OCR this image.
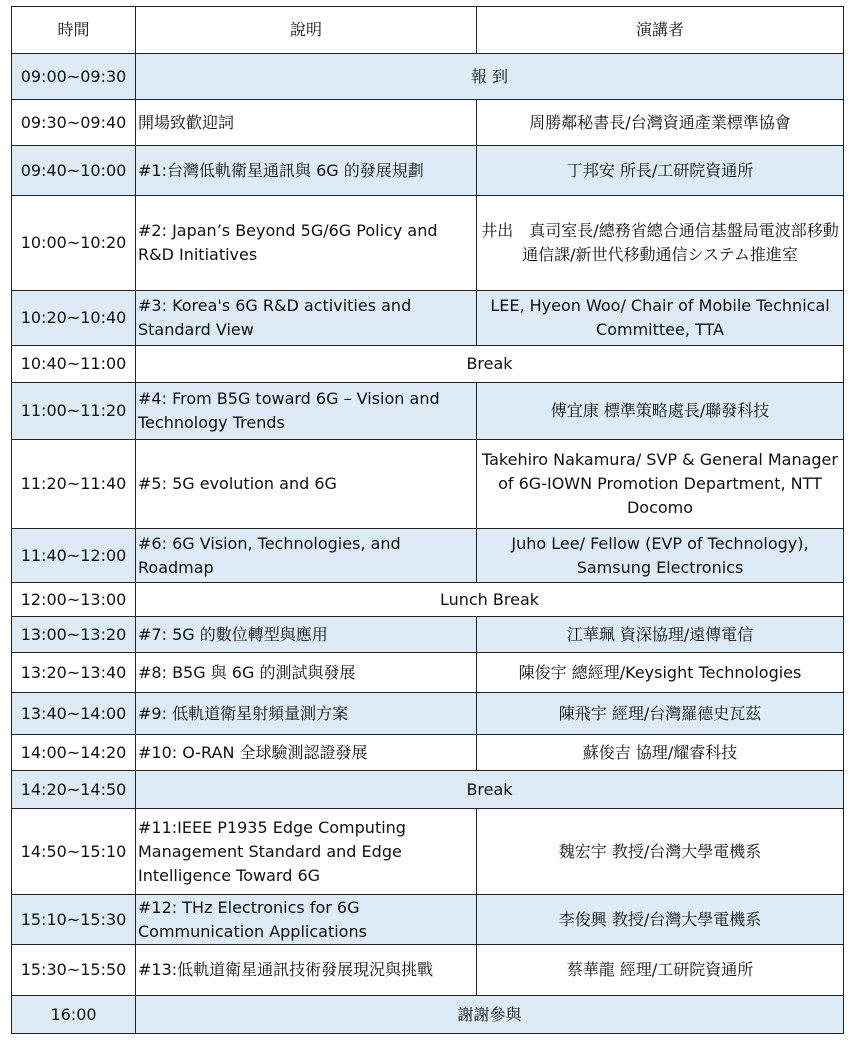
時間	說明	演講者
09:00~09:30	報 到	
09:30~09:40	開場致歡迎詞	周勝鄰秘書長/台灣資通產業標準協會
09:40~10:00	#1:台灣低軌衛星通訊與 6G 的發展規劃	丁邦安 所長/工研院資通所
10:00~10:20	#2: Japan’s Beyond 5G/6G Policy and R&D Initiatives	井出　真司室長/總務省總合通信基盤局電波部移動通信課/新世代移動通信システム推進室
10:20~10:40	#3: Korea's 6G R&D activities and Standard View	LEE, Hyeon Woo/ Chair of Mobile Technical Committee, TTA
10:40~11:00	Break	
11:00~11:20	#4: From B5G toward 6G – Vision and Technology Trends	傅宜康 標準策略處長/聯發科技
11:20~11:40	#5: 5G evolution and 6G	Takehiro Nakamura/ SVP & General Manager of 6G-IOWN Promotion Department, NTT Docomo
11:40~12:00	#6: 6G Vision, Technologies, and Roadmap	Juho Lee/ Fellow (EVP of Technology), Samsung Electronics
12:00~13:00	Lunch Break	
13:00~13:20	#7: 5G 的數位轉型與應用	江華珮 資深協理/遠傳電信
13:20~13:40	#8: B5G 與 6G 的測試與發展	陳俊宇 總經理/Keysight Technologies
13:40~14:00	#9: 低軌道衛星射頻量測方案	陳飛宇 經理/台灣羅德史瓦茲
14:00~14:20	#10: O-RAN 全球驗測認證發展	蘇俊吉 協理/耀睿科技
14:20~14:50	Break	
14:50~15:10	#11:IEEE P1935 Edge Computing Management Standard and Edge Intelligence Toward 6G	魏宏宇 教授/台灣大學電機系
15:10~15:30	#12: THz Electronics for 6G Communication Applications	李俊興 教授/台灣大學電機系
15:30~15:50	#13:低軌道衛星通訊技術發展現況與挑戰	蔡華龍 經理/工研院資通所
16:00	謝謝參與	
